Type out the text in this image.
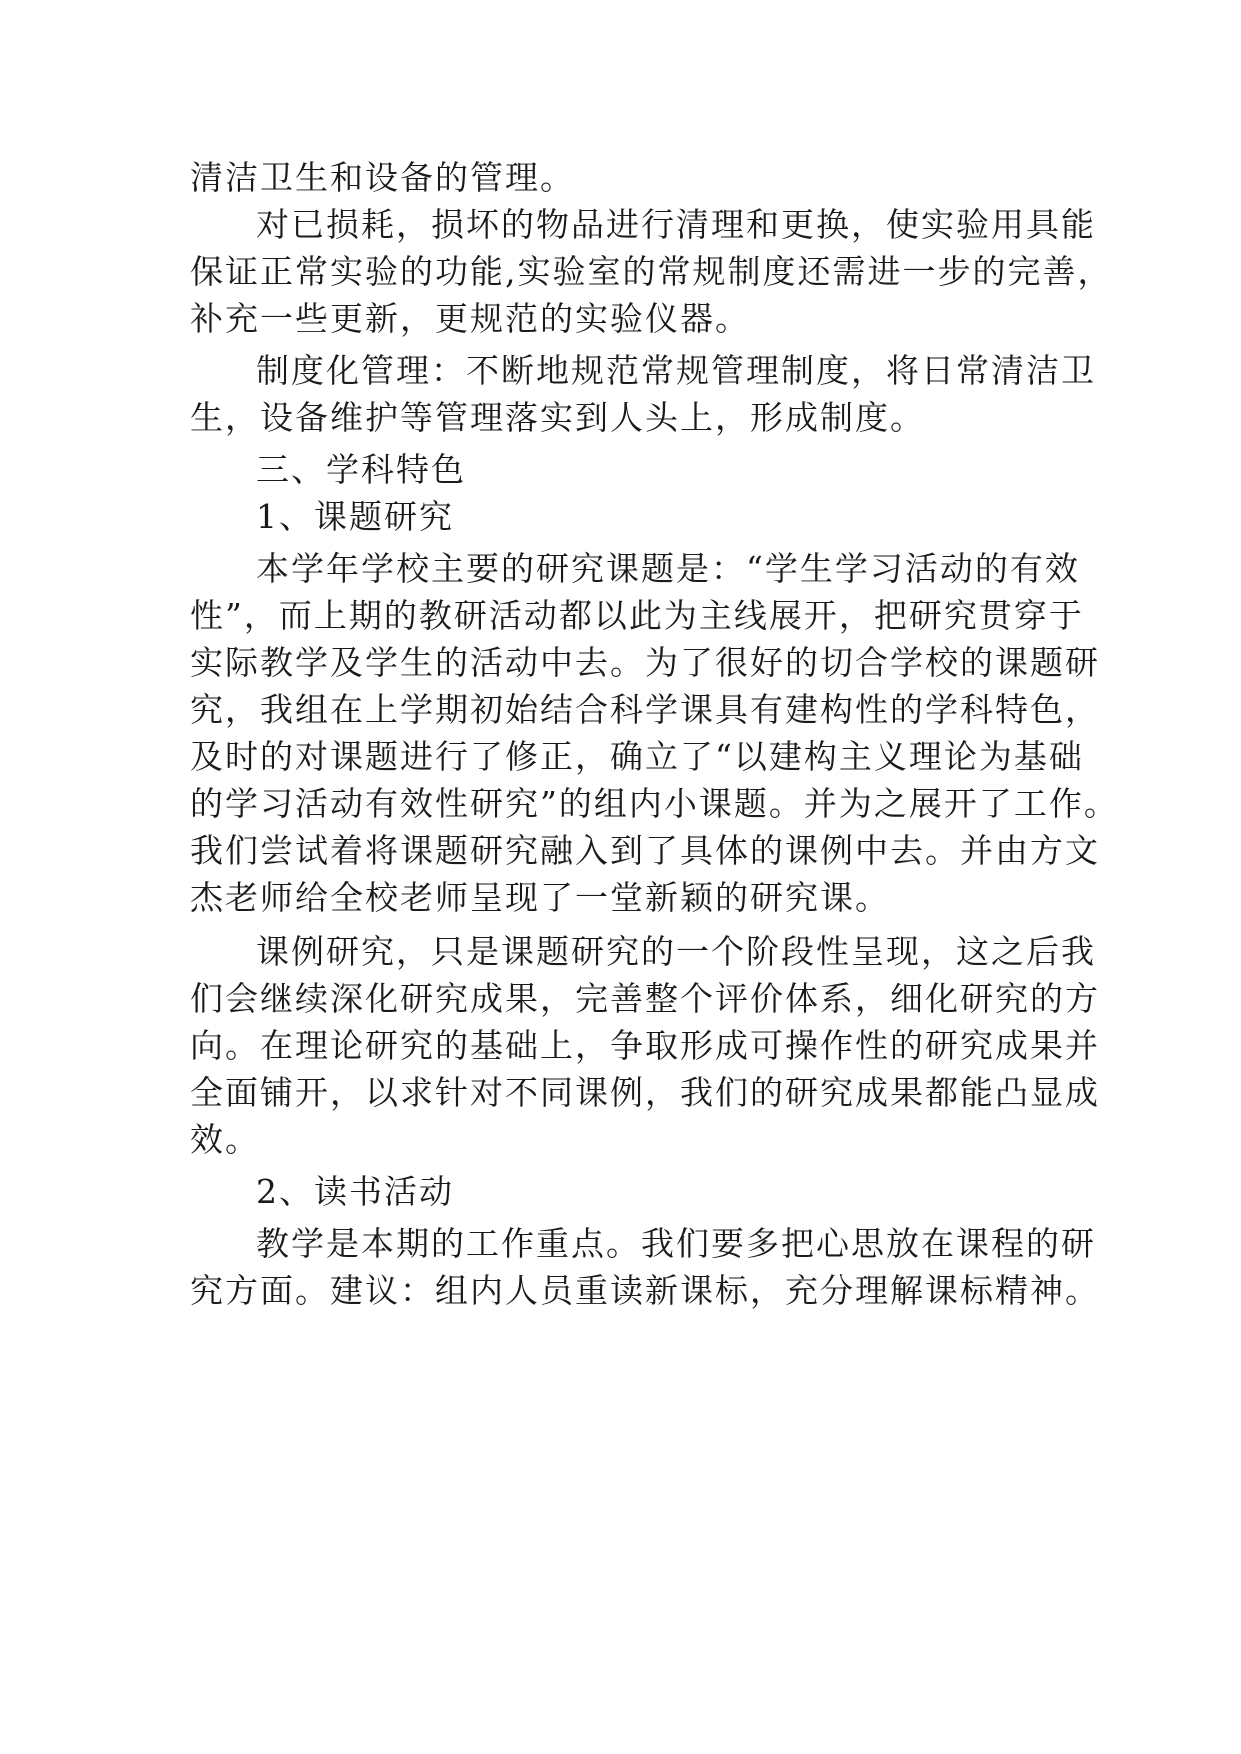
清洁卫生和设备的管理。
对已损耗，损坏的物品进行清理和更换，使实验用具能
保证正常实验的功能,实验室的常规制度还需进一步的完善，
补充一些更新，更规范的实验仪器。
制度化管理：不断地规范常规管理制度，将日常清洁卫
生，设备维护等管理落实到人头上，形成制度。
三、学科特色
1、课题研究
本学年学校主要的研究课题是：“学生学习活动的有效
性”，而上期的教研活动都以此为主线展开，把研究贯穿于
实际教学及学生的活动中去。为了很好的切合学校的课题研
究，我组在上学期初始结合科学课具有建构性的学科特色，
及时的对课题进行了修正，确立了“以建构主义理论为基础
的学习活动有效性研究”的组内小课题。并为之展开了工作。
我们尝试着将课题研究融入到了具体的课例中去。并由方文
杰老师给全校老师呈现了一堂新颖的研究课。
课例研究，只是课题研究的一个阶段性呈现，这之后我
们会继续深化研究成果，完善整个评价体系，细化研究的方
向。在理论研究的基础上，争取形成可操作性的研究成果并
全面铺开，以求针对不同课例，我们的研究成果都能凸显成
效。
2、读书活动
教学是本期的工作重点。我们要多把心思放在课程的研
究方面。建议：组内人员重读新课标，充分理解课标精神。
